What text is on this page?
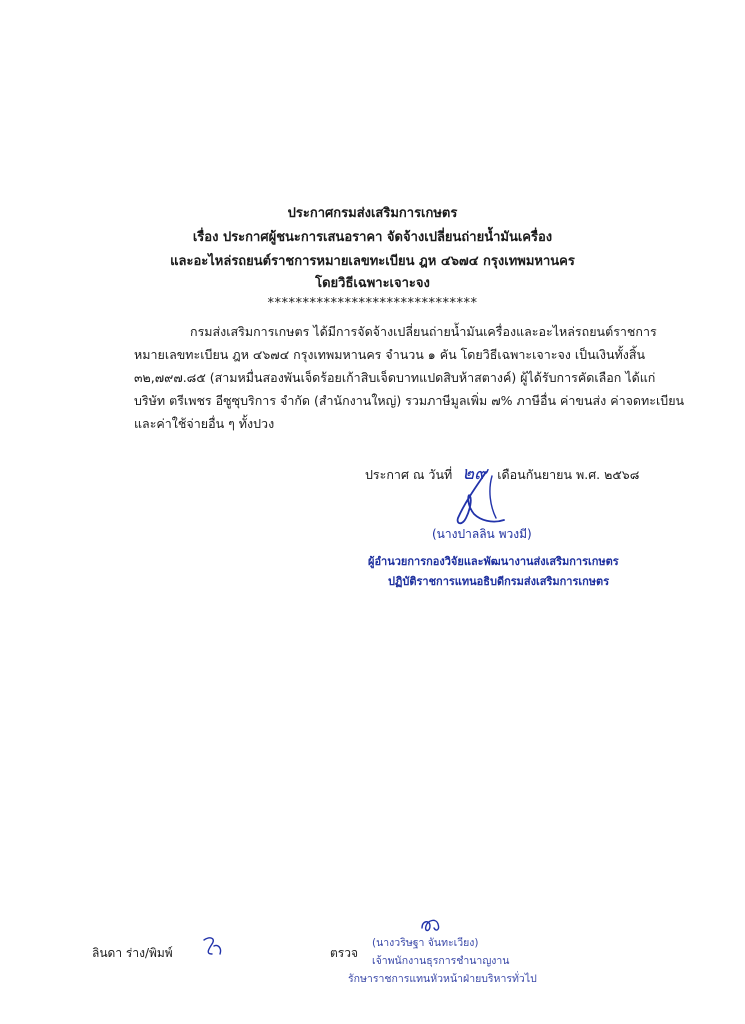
ประกาศกรมส่งเสริมการเกษตร
เรื่อง ประกาศผู้ชนะการเสนอราคา จัดจ้างเปลี่ยนถ่ายน้ำมันเครื่อง
และอะไหล่รถยนต์ราชการหมายเลขทะเบียน ฎห ๔๖๗๔ กรุงเทพมหานคร
โดยวิธีเฉพาะเจาะจง
******************************
กรมส่งเสริมการเกษตร ได้มีการจัดจ้างเปลี่ยนถ่ายน้ำมันเครื่องและอะไหล่รถยนต์ราชการ
หมายเลขทะเบียน ฎห ๔๖๗๔ กรุงเทพมหานคร จำนวน ๑ คัน โดยวิธีเฉพาะเจาะจง เป็นเงินทั้งสิ้น
๓๒,๗๙๗.๘๕ (สามหมื่นสองพันเจ็ดร้อยเก้าสิบเจ็ดบาทแปดสิบห้าสตางค์) ผู้ได้รับการคัดเลือก ได้แก่
บริษัท ตรีเพชร อีซูซุบริการ จำกัด (สำนักงานใหญ่) รวมภาษีมูลเพิ่ม ๗% ภาษีอื่น ค่าขนส่ง ค่าจดทะเบียน
และค่าใช้จ่ายอื่น ๆ ทั้งปวง
ประกาศ ณ วันที่ ๒๙ เดือนกันยายน พ.ศ. ๒๕๖๘
(นางปาลลิน พวงมี)
ผู้อำนวยการกองวิจัยและพัฒนางานส่งเสริมการเกษตร
ปฏิบัติราชการแทนอธิบดีกรมส่งเสริมการเกษตร
ลินดา ร่าง/พิมพ์	ตรวจ
(นางวริษฐา จันทะเวียง)
เจ้าพนักงานธุรการชำนาญงาน
รักษาราชการแทนหัวหน้าฝ่ายบริหารทั่วไป
